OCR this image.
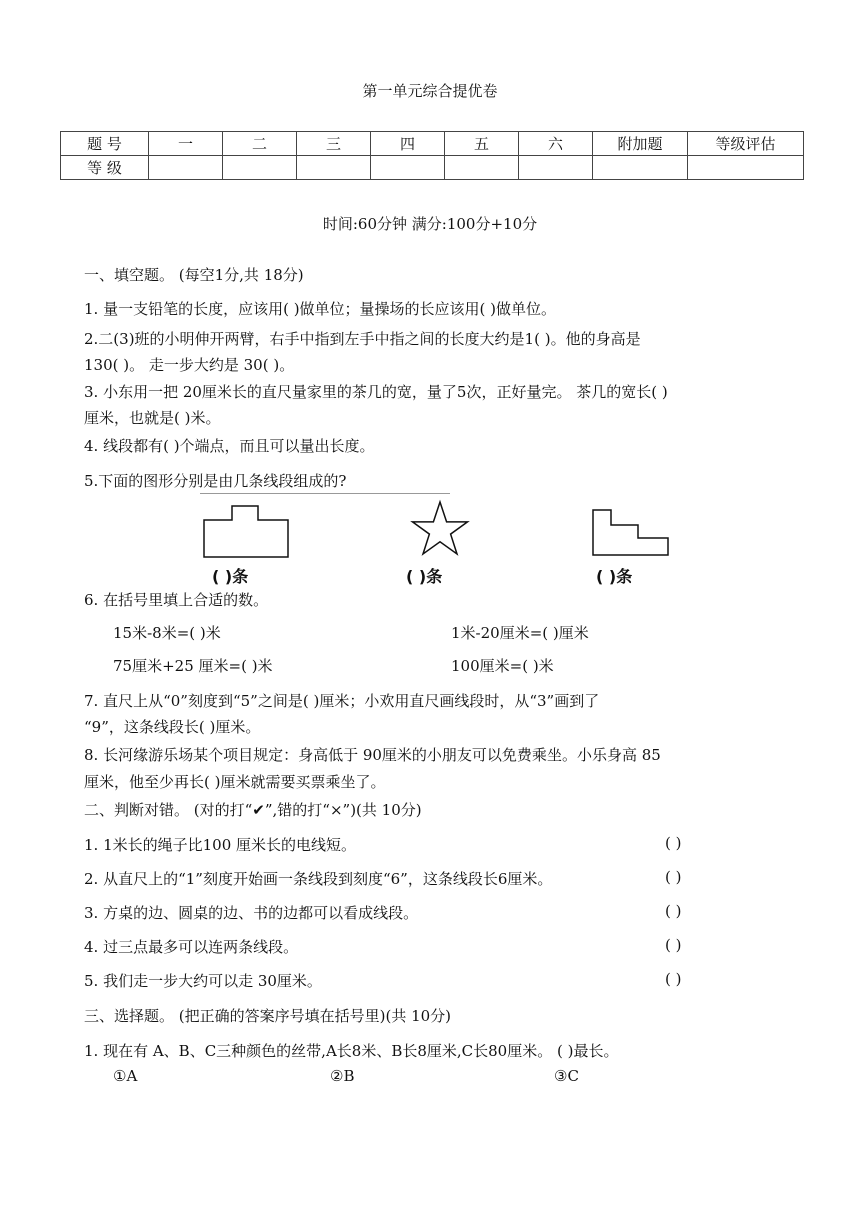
第一单元综合提优卷
题 号	一	二	三	四	五	六	附加题	等级评估
等 级								
时间:60分钟 满分:100分+10分
一、填空题。 (每空1分,共 18分)
1. 量一支铅笔的长度，应该用( )做单位；量操场的长应该用( )做单位。
2.二(3)班的小明伸开两臂，右手中指到左手中指之间的长度大约是1( )。他的身高是
130( )。 走一步大约是 30( )。
3. 小东用一把 20厘米长的直尺量家里的茶几的宽，量了5次，正好量完。 茶几的宽长( )
厘米，也就是( )米。
4. 线段都有( )个端点，而且可以量出长度。
5.下面的图形分别是由几条线段组成的?
( )条	( )条	( )条
6. 在括号里填上合适的数。
15米-8米=( )米	1米-20厘米=( )厘米
75厘米+25 厘米=( )米	100厘米=( )米
7. 直尺上从“0”刻度到“5”之间是( )厘米；小欢用直尺画线段时，从“3”画到了
“9”，这条线段长( )厘米。
8. 长河缘游乐场某个项目规定：身高低于 90厘米的小朋友可以免费乘坐。小乐身高 85
厘米，他至少再长( )厘米就需要买票乘坐了。
二、判断对错。 (对的打“✔”,错的打“×”)(共 10分)
1. 1米长的绳子比100 厘米长的电线短。	( )
2. 从直尺上的“1”刻度开始画一条线段到刻度“6”，这条线段长6厘米。	( )
3. 方桌的边、圆桌的边、书的边都可以看成线段。	( )
4. 过三点最多可以连两条线段。	( )
5. 我们走一步大约可以走 30厘米。	( )
三、选择题。 (把正确的答案序号填在括号里)(共 10分)
1. 现在有 A、B、C三种颜色的丝带,A长8米、B长8厘米,C长80厘米。 ( )最长。
①A	②B	③C
